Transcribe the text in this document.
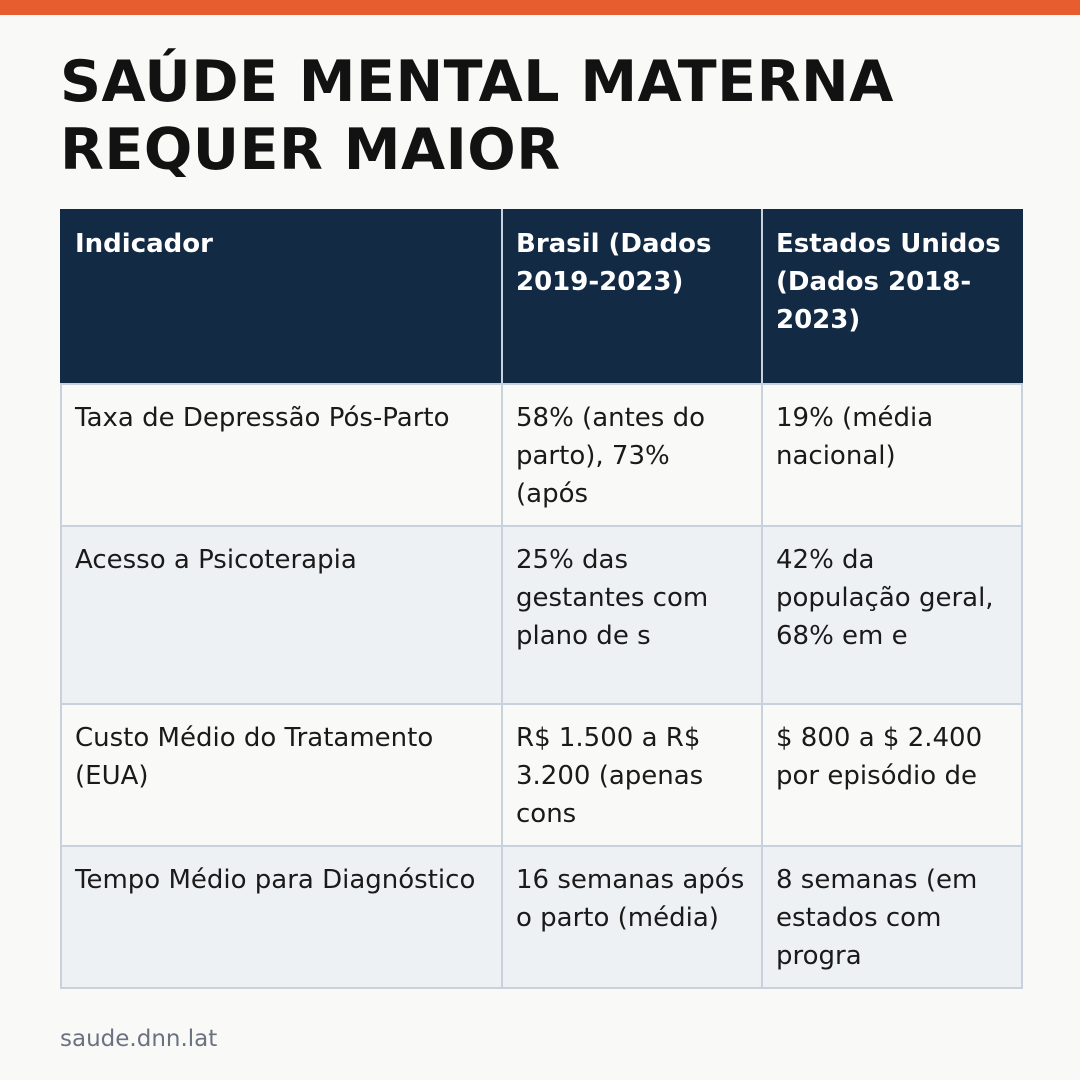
SAÚDE MENTAL MATERNA REQUER MAIOR
Indicador	Brasil (Dados 2019-2023)	Estados Unidos (Dados 2018-2023)
Taxa de Depressão Pós-Parto	58% (antes do parto), 73% (após	19% (média nacional)
Acesso a Psicoterapia	25% das gestantes com plano de s	42% da população geral, 68% em e
Custo Médio do Tratamento (EUA)	R$ 1.500 a R$ 3.200 (apenas cons	$ 800 a $ 2.400 por episódio de
Tempo Médio para Diagnóstico	16 semanas após o parto (média)	8 semanas (em estados com progra
saude.dnn.lat
